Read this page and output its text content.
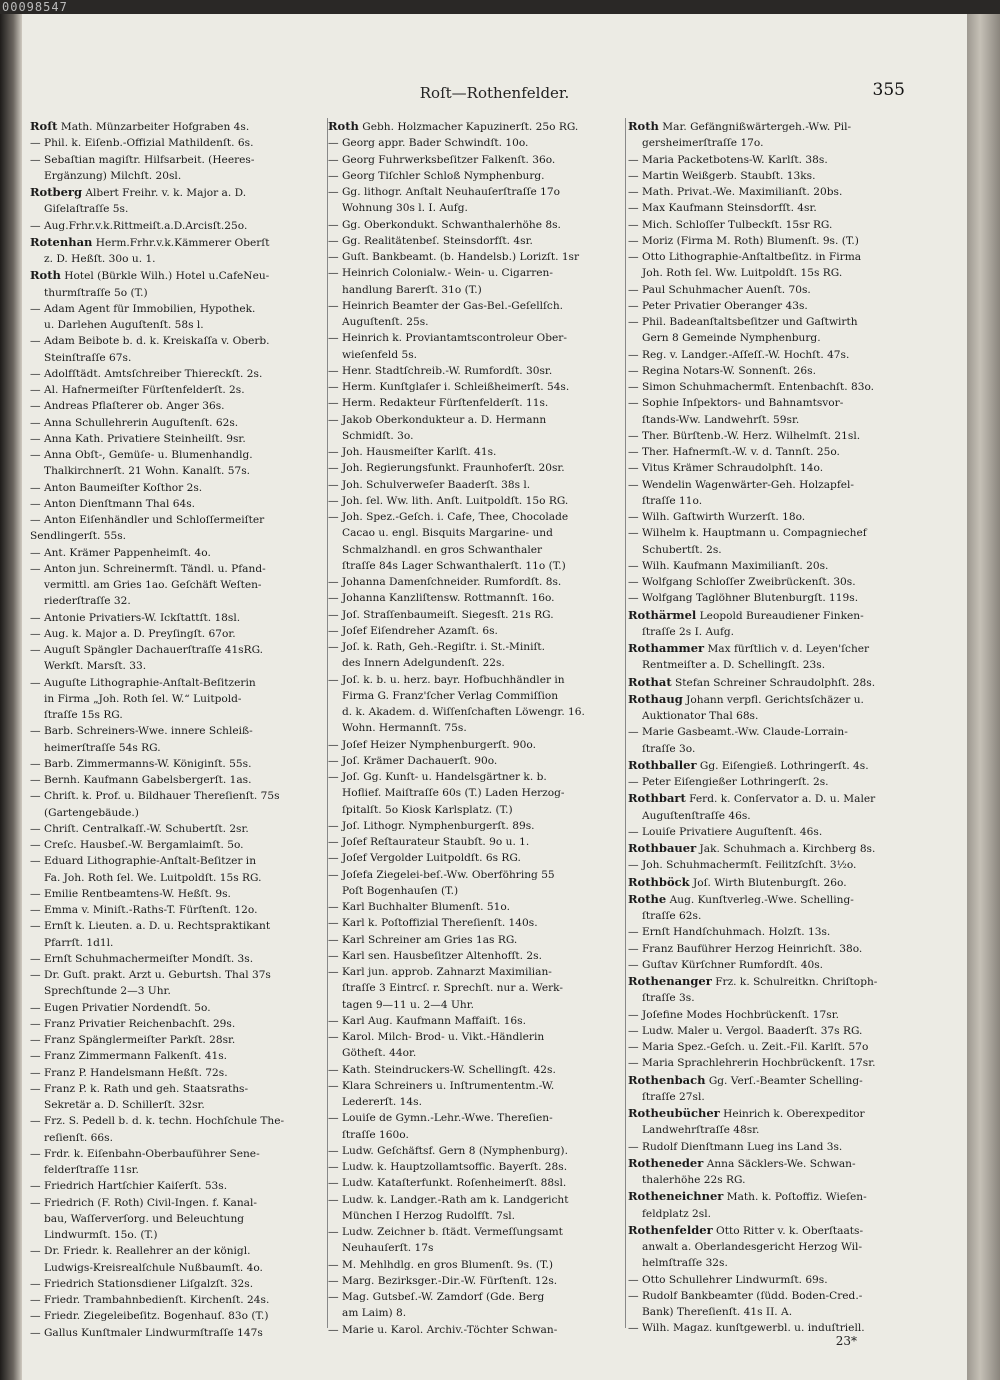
00098547
Roſt—Rothenfelder.	355
Roſt Math. Münzarbeiter Hofgraben 4s.
— Phil. k. Eiſenb.-Offizial Mathildenſt. 6s.
— Sebaſtian magiſtr. Hilfsarbeit. (Heeres-
Ergänzung) Milchſt. 20sl.
Rotberg Albert Freihr. v. k. Major a. D.
Giſelaſtraſſe 5s.
— Aug.Frhr.v.k.Rittmeiſt.a.D.Arcisſt.25o.
Rotenhan Herm.Frhr.v.k.Kämmerer Oberſt
z. D. Heßſt. 30o u. 1.
Roth Hotel (Bürkle Wilh.) Hotel u.CafeNeu-
thurmſtraſſe 5o (T.)
— Adam Agent für Immobilien, Hypothek.
u. Darlehen Auguſtenſt. 58s l.
— Adam Beibote b. d. k. Kreiskaſſa v. Oberb.
Steinſtraſſe 67s.
— Adolfſtädt. Amtsſchreiber Thiereckſt. 2s.
— Al. Hafnermeiſter Fürſtenfelderſt. 2s.
— Andreas Pflaſterer ob. Anger 36s.
— Anna Schullehrerin Auguſtenſt. 62s.
— Anna Kath. Privatiere Steinheilſt. 9sr.
— Anna Obſt-, Gemüſe- u. Blumenhandlg.
Thalkirchnerſt. 21 Wohn. Kanalſt. 57s.
— Anton Baumeiſter Koſthor 2s.
— Anton Dienſtmann Thal 64s.
— Anton Eiſenhändler und Schloſſermeiſter
Sendlingerſt. 55s.
— Ant. Krämer Pappenheimſt. 4o.
— Anton jun. Schreinermſt. Tändl. u. Pfand-
vermittl. am Gries 1ao. Geſchäft Weſten-
riederſtraſſe 32.
— Antonie Privatiers-W. Ickſtattſt. 18sl.
— Aug. k. Major a. D. Preyſingſt. 67or.
— Auguſt Spängler Dachauerſtraſſe 41sRG.
Werkſt. Marsſt. 33.
— Auguſte Lithographie-Anſtalt-Beſitzerin
in Firma „Joh. Roth ſel. W.“ Luitpold-
ſtraſſe 15s RG.
— Barb. Schreiners-Wwe. innere Schleiß-
heimerſtraſſe 54s RG.
— Barb. Zimmermanns-W. Königinſt. 55s.
— Bernh. Kaufmann Gabelsbergerſt. 1as.
— Chriſt. k. Prof. u. Bildhauer Thereſienſt. 75s
(Gartengebäude.)
— Chriſt. Centralkaſſ.-W. Schubertſt. 2sr.
— Creſc. Hausbeſ.-W. Bergamlaimſt. 5o.
— Eduard Lithographie-Anſtalt-Beſitzer in
Fa. Joh. Roth ſel. We. Luitpoldſt. 15s RG.
— Emilie Rentbeamtens-W. Heßſt. 9s.
— Emma v. Miniſt.-Raths-T. Fürſtenſt. 12o.
— Ernſt k. Lieuten. a. D. u. Rechtspraktikant
Pfarrſt. 1d1l.
— Ernſt Schuhmachermeiſter Mondſt. 3s.
— Dr. Guſt. prakt. Arzt u. Geburtsh. Thal 37s
Sprechſtunde 2—3 Uhr.
— Eugen Privatier Nordendſt. 5o.
— Franz Privatier Reichenbachſt. 29s.
— Franz Spänglermeiſter Parkſt. 28sr.
— Franz Zimmermann Falkenſt. 41s.
— Franz P. Handelsmann Heßſt. 72s.
— Franz P. k. Rath und geh. Staatsraths-
Sekretär a. D. Schillerſt. 32sr.
— Frz. S. Pedell b. d. k. techn. Hochſchule The-
reſienſt. 66s.
— Frdr. k. Eiſenbahn-Oberbauführer Sene-
felderſtraſſe 11sr.
— Friedrich Hartſchier Kaiſerſt. 53s.
— Friedrich (F. Roth) Civil-Ingen. f. Kanal-
bau, Waſſerverſorg. und Beleuchtung
Lindwurmſt. 15o. (T.)
— Dr. Friedr. k. Reallehrer an der königl.
Ludwigs-Kreisrealſchule Nußbaumſt. 4o.
— Friedrich Stationsdiener Liſgalzſt. 32s.
— Friedr. Trambahnbedienſt. Kirchenſt. 24s.
— Friedr. Ziegeleibeſitz. Bogenhauſ. 83o (T.)
— Gallus Kunſtmaler Lindwurmſtraſſe 147s
Roth Gebh. Holzmacher Kapuzinerſt. 25o RG.
— Georg appr. Bader Schwindſt. 10o.
— Georg Fuhrwerksbeſitzer Falkenſt. 36o.
— Georg Tiſchler Schloß Nymphenburg.
— Gg. lithogr. Anſtalt Neuhauſerſtraſſe 17o
Wohnung 30s l. I. Aufg.
— Gg. Oberkondukt. Schwanthalerhöhe 8s.
— Gg. Realitätenbeſ. Steinsdorfſt. 4sr.
— Guſt. Bankbeamt. (b. Handelsb.) Lorizſt. 1sr
— Heinrich Colonialw.- Wein- u. Cigarren-
handlung Barerſt. 31o (T.)
— Heinrich Beamter der Gas-Bel.-Geſellſch.
Auguſtenſt. 25s.
— Heinrich k. Proviantamtscontroleur Ober-
wieſenfeld 5s.
— Henr. Stadtſchreib.-W. Rumfordſt. 30sr.
— Herm. Kunſtglaſer i. Schleißheimerſt. 54s.
— Herm. Redakteur Fürſtenfelderſt. 11s.
— Jakob Oberkondukteur a. D. Hermann
Schmidſt. 3o.
— Joh. Hausmeiſter Karlſt. 41s.
— Joh. Regierungsfunkt. Fraunhoferſt. 20sr.
— Joh. Schulverweſer Baaderſt. 38s l.
— Joh. ſel. Ww. lith. Anſt. Luitpoldſt. 15o RG.
— Joh. Spez.-Geſch. i. Cafe, Thee, Chocolade
Cacao u. engl. Bisquits Margarine- und
Schmalzhandl. en gros Schwanthaler
ſtraſſe 84s Lager Schwanthalerſt. 11o (T.)
— Johanna Damenſchneider. Rumfordſt. 8s.
— Johanna Kanzliſtensw. Rottmannſt. 16o.
— Joſ. Straſſenbaumeiſt. Siegesſt. 21s RG.
— Joſef Eiſendreher Azamſt. 6s.
— Joſ. k. Rath, Geh.-Regiſtr. i. St.-Miniſt.
des Innern Adelgundenſt. 22s.
— Joſ. k. b. u. herz. bayr. Hofbuchhändler in
Firma G. Franz'ſcher Verlag Commiſſion
d. k. Akadem. d. Wiſſenſchaften Löwengr. 16.
Wohn. Hermannſt. 75s.
— Joſef Heizer Nymphenburgerſt. 90o.
— Joſ. Krämer Dachauerſt. 90o.
— Joſ. Gg. Kunſt- u. Handelsgärtner k. b.
Hoflief. Maiſtraſſe 60s (T.) Laden Herzog-
ſpitalſt. 5o Kiosk Karlsplatz. (T.)
— Joſ. Lithogr. Nymphenburgerſt. 89s.
— Joſef Reſtaurateur Staubſt. 9o u. 1.
— Joſef Vergolder Luitpoldſt. 6s RG.
— Joſefa Ziegelei-beſ.-Ww. Oberföhring 55
Poſt Bogenhauſen (T.)
— Karl Buchhalter Blumenſt. 51o.
— Karl k. Poſtoffizial Thereſienſt. 140s.
— Karl Schreiner am Gries 1as RG.
— Karl sen. Hausbeſitzer Altenhofſt. 2s.
— Karl jun. approb. Zahnarzt Maximilian-
ſtraſſe 3 Eintrcſ. r. Sprechſt. nur a. Werk-
tagen 9—11 u. 2—4 Uhr.
— Karl Aug. Kaufmann Maffaiſt. 16s.
— Karol. Milch- Brod- u. Vikt.-Händlerin
Götheſt. 44or.
— Kath. Steindruckers-W. Schellingſt. 42s.
— Klara Schreiners u. Inſtrumententm.-W.
Ledererſt. 14s.
— Louiſe de Gymn.-Lehr.-Wwe. Thereſien-
ſtraſſe 160o.
— Ludw. Geſchäftsf. Gern 8 (Nymphenburg).
— Ludw. k. Hauptzollamtsoffic. Bayerſt. 28s.
— Ludw. Kataſterfunkt. Roſenheimerſt. 88sl.
— Ludw. k. Landger.-Rath am k. Landgericht
München I Herzog Rudolfſt. 7sl.
— Ludw. Zeichner b. ſtädt. Vermeſſungsamt
Neuhauſerſt. 17s
— M. Mehlhdlg. en gros Blumenſt. 9s. (T.)
— Marg. Bezirksger.-Dir.-W. Fürſtenſt. 12s.
— Mag. Gutsbeſ.-W. Zamdorf (Gde. Berg
am Laim) 8.
— Marie u. Karol. Archiv.-Töchter Schwan-
Roth Mar. Gefängnißwärtergeh.-Ww. Pil-
gersheimerſtraſſe 17o.
— Maria Packetbotens-W. Karlſt. 38s.
— Martin Weißgerb. Staubſt. 13ks.
— Math. Privat.-We. Maximilianſt. 20bs.
— Max Kaufmann Steinsdorfſt. 4sr.
— Mich. Schloſſer Tulbeckſt. 15sr RG.
— Moriz (Firma M. Roth) Blumenſt. 9s. (T.)
— Otto Lithographie-Anſtaltbeſitz. in Firma
Joh. Roth ſel. Ww. Luitpoldſt. 15s RG.
— Paul Schuhmacher Auenſt. 70s.
— Peter Privatier Oberanger 43s.
— Phil. Badeanſtaltsbeſitzer und Gaſtwirth
Gern 8 Gemeinde Nymphenburg.
— Reg. v. Landger.-Aſſeſſ.-W. Hochſt. 47s.
— Regina Notars-W. Sonnenſt. 26s.
— Simon Schuhmachermſt. Entenbachſt. 83o.
— Sophie Inſpektors- und Bahnamtsvor-
ſtands-Ww. Landwehrſt. 59sr.
— Ther. Bürſtenb.-W. Herz. Wilhelmſt. 21sl.
— Ther. Hafnermſt.-W. v. d. Tannſt. 25o.
— Vitus Krämer Schraudolphſt. 14o.
— Wendelin Wagenwärter-Geh. Holzapfel-
ſtraſſe 11o.
— Wilh. Gaſtwirth Wurzerſt. 18o.
— Wilhelm k. Hauptmann u. Compagniechef
Schubertſt. 2s.
— Wilh. Kaufmann Maximilianſt. 20s.
— Wolfgang Schloſſer Zweibrückenſt. 30s.
— Wolfgang Taglöhner Blutenburgſt. 119s.
Rothärmel Leopold Bureaudiener Finken-
ſtraſſe 2s I. Aufg.
Rothammer Max fürſtlich v. d. Leyen'ſcher
Rentmeiſter a. D. Schellingſt. 23s.
Rothat Stefan Schreiner Schraudolphſt. 28s.
Rothaug Johann verpfl. Gerichtsſchäzer u.
Auktionator Thal 68s.
— Marie Gasbeamt.-Ww. Claude-Lorrain-
ſtraſſe 3o.
Rothballer Gg. Eiſengieß. Lothringerſt. 4s.
— Peter Eiſengießer Lothringerſt. 2s.
Rothbart Ferd. k. Conſervator a. D. u. Maler
Auguſtenſtraſſe 46s.
— Louiſe Privatiere Auguſtenſt. 46s.
Rothbauer Jak. Schuhmach a. Kirchberg 8s.
— Joh. Schuhmachermſt. Feilitzſchſt. 3½o.
Rothböck Joſ. Wirth Blutenburgſt. 26o.
Rothe Aug. Kunſtverleg.-Wwe. Schelling-
ſtraſſe 62s.
— Ernſt Handſchuhmach. Holzſt. 13s.
— Franz Bauführer Herzog Heinrichſt. 38o.
— Guſtav Kürſchner Rumfordſt. 40s.
Rothenanger Frz. k. Schulreitkn. Chriſtoph-
ſtraſſe 3s.
— Joſefine Modes Hochbrückenſt. 17sr.
— Ludw. Maler u. Vergol. Baaderſt. 37s RG.
— Maria Spez.-Geſch. u. Zeit.-Fil. Karlſt. 57o
— Maria Sprachlehrerin Hochbrückenſt. 17sr.
Rothenbach Gg. Verſ.-Beamter Schelling-
ſtraſſe 27sl.
Rotheubücher Heinrich k. Oberexpeditor
Landwehrſtraſſe 48sr.
— Rudolf Dienſtmann Lueg ins Land 3s.
Rotheneder Anna Säcklers-We. Schwan-
thalerhöhe 22s RG.
Rotheneichner Math. k. Poſtoffiz. Wieſen-
feldplatz 2sl.
Rothenfelder Otto Ritter v. k. Oberſtaats-
anwalt a. Oberlandesgericht Herzog Wil-
helmſtraſſe 32s.
— Otto Schullehrer Lindwurmſt. 69s.
— Rudolf Bankbeamter (ſüdd. Boden-Cred.-
Bank) Thereſienſt. 41s II. A.
— Wilh. Magaz. kunſtgewerbl. u. induſtriell.
23*
